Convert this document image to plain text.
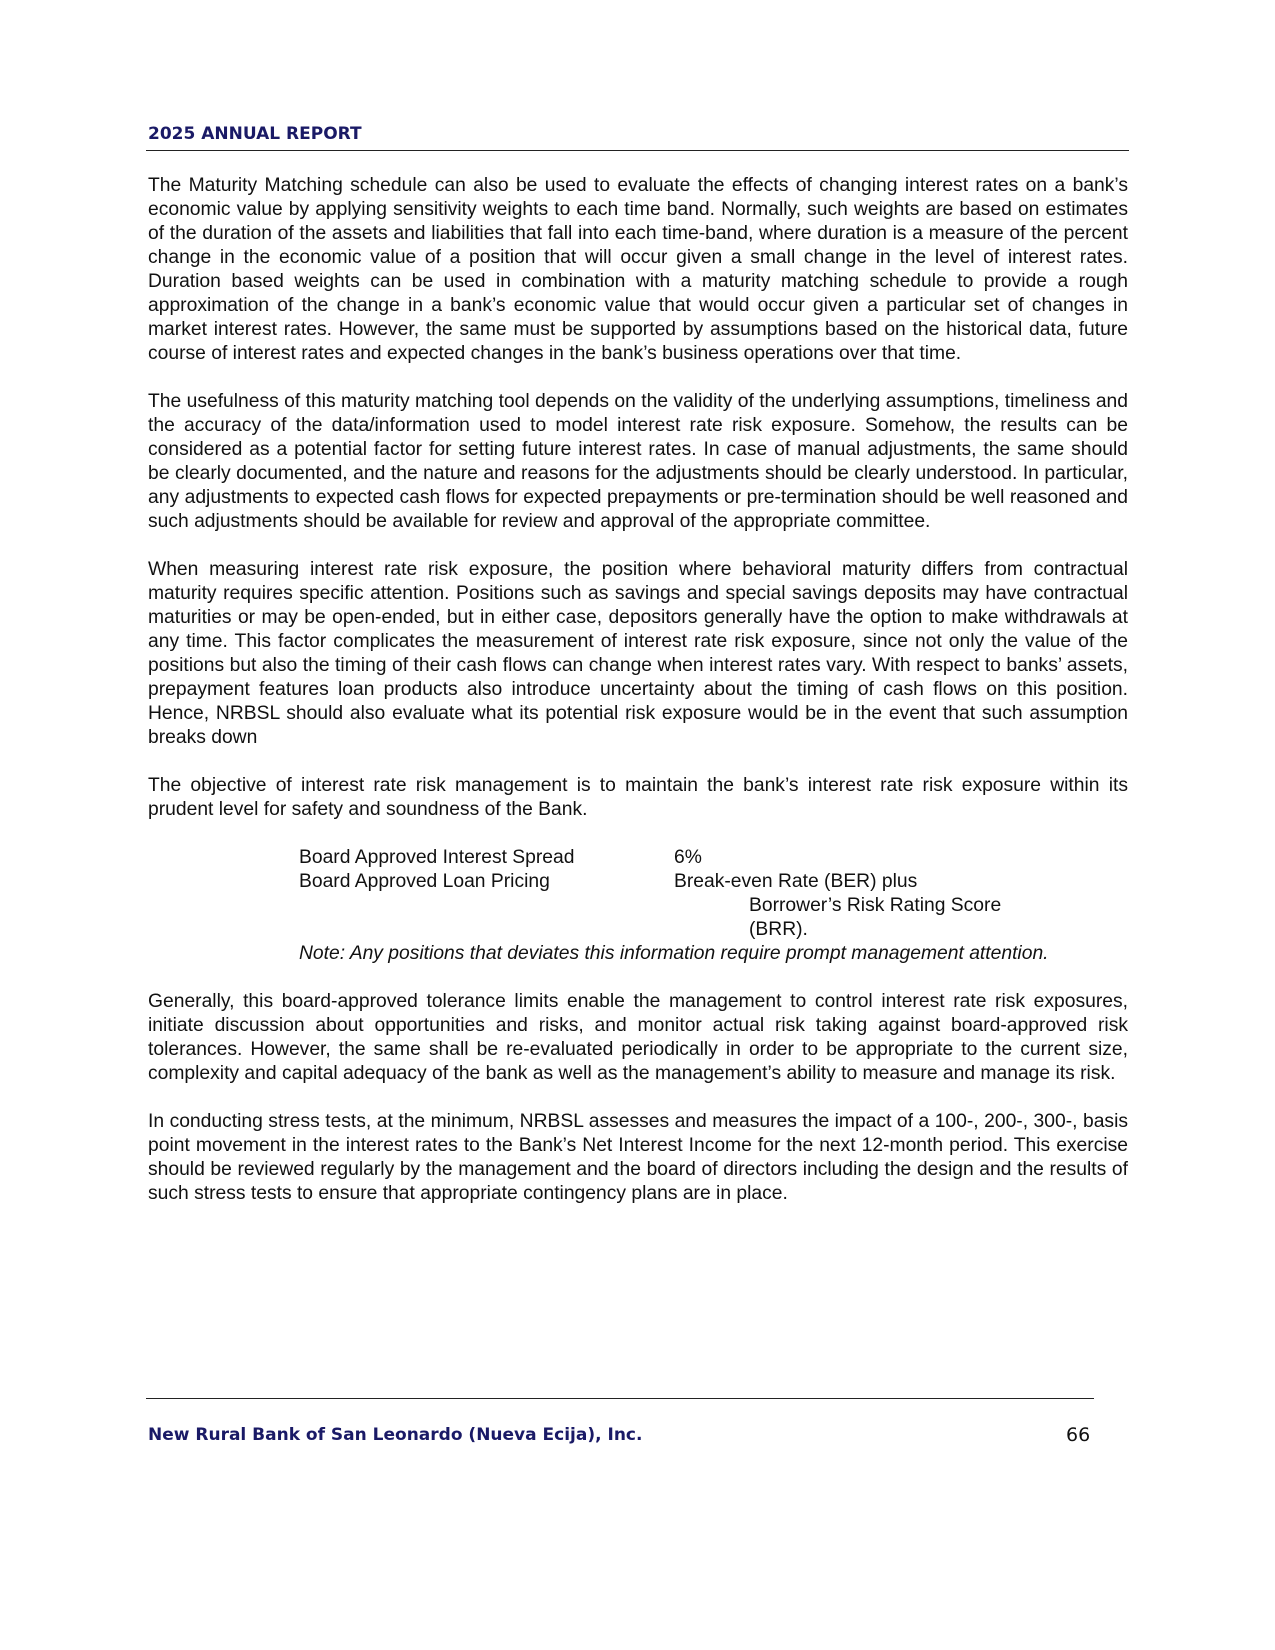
2025 ANNUAL REPORT

The Maturity Matching schedule can also be used to evaluate the effects of changing interest rates on a bank’s economic value by applying sensitivity weights to each time band. Normally, such weights are based on estimates of the duration of the assets and liabilities that fall into each time-band, where duration is a measure of the percent change in the economic value of a position that will occur given a small change in the level of interest rates. Duration based weights can be used in combination with a maturity matching schedule to provide a rough approximation of the change in a bank’s economic value that would occur given a particular set of changes in market interest rates. However, the same must be supported by assumptions based on the historical data, future course of interest rates and expected changes in the bank’s business operations over that time.

The usefulness of this maturity matching tool depends on the validity of the underlying assumptions, timeliness and the accuracy of the data/information used to model interest rate risk exposure. Somehow, the results can be considered as a potential factor for setting future interest rates. In case of manual adjustments, the same should be clearly documented, and the nature and reasons for the adjustments should be clearly understood. In particular, any adjustments to expected cash flows for expected prepayments or pre-termination should be well reasoned and such adjustments should be available for review and approval of the appropriate committee.

When measuring interest rate risk exposure, the position where behavioral maturity differs from contractual maturity requires specific attention. Positions such as savings and special savings deposits may have contractual maturities or may be open-ended, but in either case, depositors generally have the option to make withdrawals at any time. This factor complicates the measurement of interest rate risk exposure, since not only the value of the positions but also the timing of their cash flows can change when interest rates vary. With respect to banks’ assets, prepayment features loan products also introduce uncertainty about the timing of cash flows on this position. Hence, NRBSL should also evaluate what its potential risk exposure would be in the event that such assumption breaks down

The objective of interest rate risk management is to maintain the bank’s interest rate risk exposure within its prudent level for safety and soundness of the Bank.

Board Approved Interest Spread	6%
Board Approved Loan Pricing	Break-even Rate (BER) plus
Borrower’s Risk Rating Score (BRR).
Note: Any positions that deviates this information require prompt management attention.

Generally, this board-approved tolerance limits enable the management to control interest rate risk exposures, initiate discussion about opportunities and risks, and monitor actual risk taking against board-approved risk tolerances. However, the same shall be re-evaluated periodically in order to be appropriate to the current size, complexity and capital adequacy of the bank as well as the management’s ability to measure and manage its risk.

In conducting stress tests, at the minimum, NRBSL assesses and measures the impact of a 100-, 200-, 300-, basis point movement in the interest rates to the Bank’s Net Interest Income for the next 12-month period. This exercise should be reviewed regularly by the management and the board of directors including the design and the results of such stress tests to ensure that appropriate contingency plans are in place.

New Rural Bank of San Leonardo (Nueva Ecija), Inc.	66
